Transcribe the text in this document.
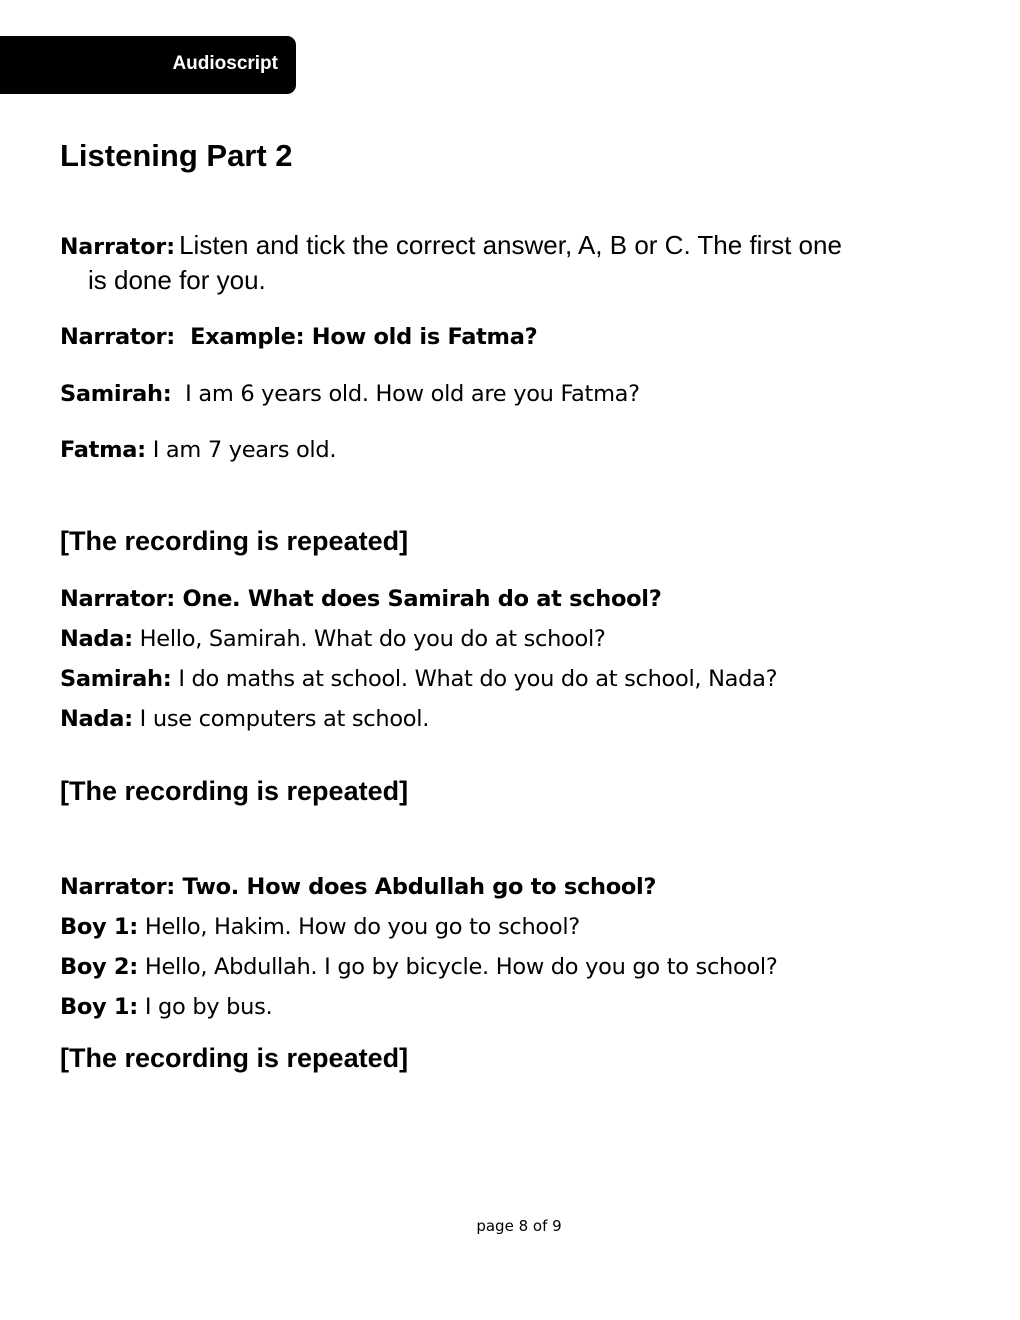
Audioscript
Listening Part 2

Narrator: Listen and tick the correct answer, A, B or C. The first one
is done for you.

Narrator: Example: How old is Fatma?

Samirah: I am 6 years old. How old are you Fatma?

Fatma: I am 7 years old.

[The recording is repeated]

Narrator: One. What does Samirah do at school?

Nada: Hello, Samirah. What do you do at school?

Samirah: I do maths at school. What do you do at school, Nada?

Nada: I use computers at school.

[The recording is repeated]

Narrator: Two. How does Abdullah go to school?

Boy 1: Hello, Hakim. How do you go to school?

Boy 2: Hello, Abdullah. I go by bicycle. How do you go to school?

Boy 1: I go by bus.

[The recording is repeated]

page 8 of 9
